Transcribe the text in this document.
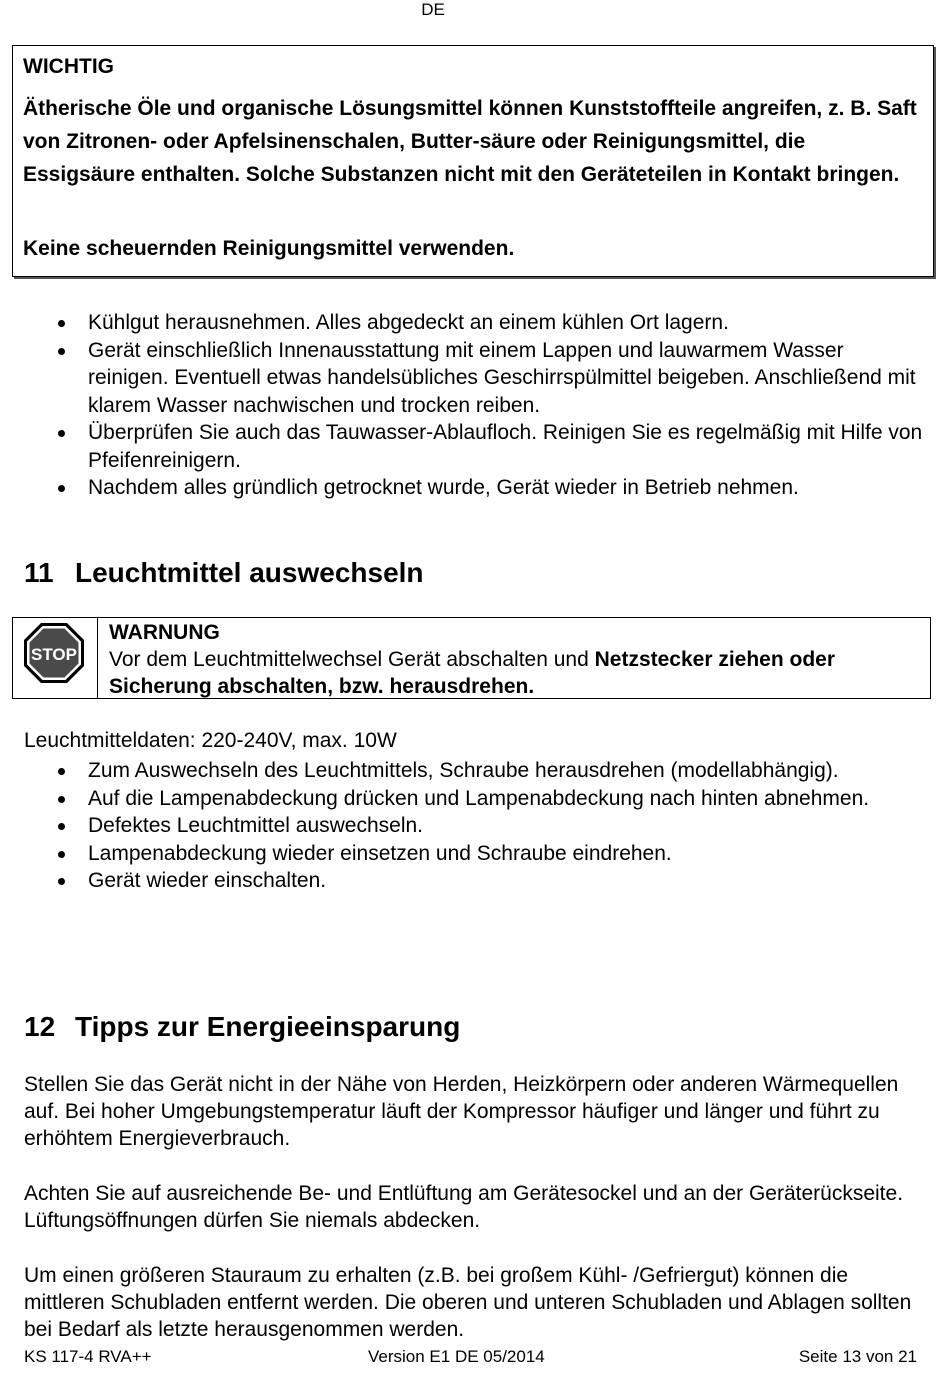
DE
WICHTIG
Ätherische Öle und organische Lösungsmittel können Kunststoffteile angreifen, z. B. Saft von Zitronen- oder Apfelsinenschalen, Butter-säure oder Reinigungsmittel, die Essigsäure enthalten. Solche Substanzen nicht mit den Geräteteilen in Kontakt bringen.
Keine scheuernden Reinigungsmittel verwenden.
Kühlgut herausnehmen. Alles abgedeckt an einem kühlen Ort lagern.
Gerät einschließlich Innenausstattung mit einem Lappen und lauwarmem Wasser reinigen. Eventuell etwas handelsübliches Geschirrspülmittel beigeben. Anschließend mit klarem Wasser nachwischen und trocken reiben.
Überprüfen Sie auch das Tauwasser-Ablaufloch. Reinigen Sie es regelmäßig mit Hilfe von Pfeifenreinigern.
Nachdem alles gründlich getrocknet wurde, Gerät wieder in Betrieb nehmen.
11 Leuchtmittel auswechseln
STOP
WARNUNG
Vor dem Leuchtmittelwechsel Gerät abschalten und Netzstecker ziehen oder Sicherung abschalten, bzw. herausdrehen.
Leuchtmitteldaten: 220-240V, max. 10W
Zum Auswechseln des Leuchtmittels, Schraube herausdrehen (modellabhängig).
Auf die Lampenabdeckung drücken und Lampenabdeckung nach hinten abnehmen.
Defektes Leuchtmittel auswechseln.
Lampenabdeckung wieder einsetzen und Schraube eindrehen.
Gerät wieder einschalten.
12 Tipps zur Energieeinsparung
Stellen Sie das Gerät nicht in der Nähe von Herden, Heizkörpern oder anderen Wärmequellen auf. Bei hoher Umgebungstemperatur läuft der Kompressor häufiger und länger und führt zu erhöhtem Energieverbrauch.
Achten Sie auf ausreichende Be- und Entlüftung am Gerätesockel und an der Geräterückseite. Lüftungsöffnungen dürfen Sie niemals abdecken.
Um einen größeren Stauraum zu erhalten (z.B. bei großem Kühl- /Gefriergut) können die mittleren Schubladen entfernt werden. Die oberen und unteren Schubladen und Ablagen sollten bei Bedarf als letzte herausgenommen werden.
KS 117-4 RVA++	Version E1 DE 05/2014	Seite 13 von 21
